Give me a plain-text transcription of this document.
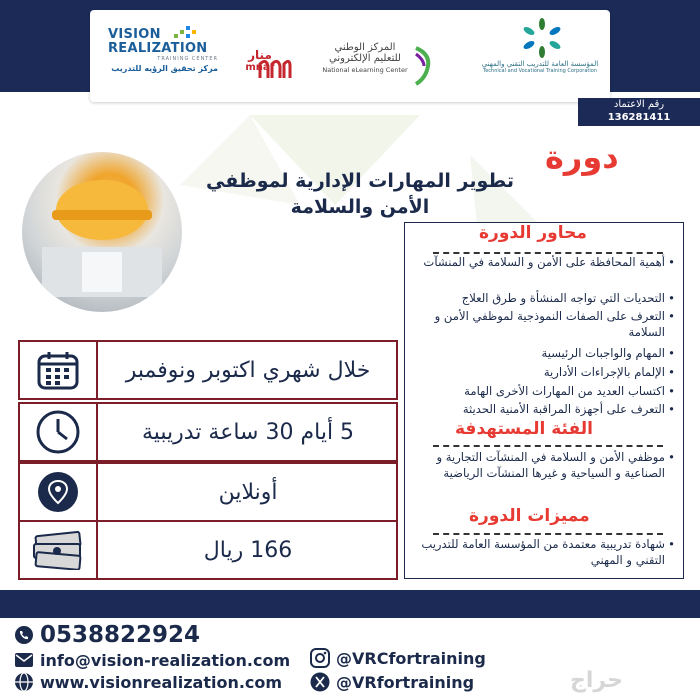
VISION
REALIZATION
TRAINING CENTER
مركز تحقيق الرؤيه للتدريب
منار
mnar
المركز الوطني
للتعليم الإلكتروني
National eLearning Center
المؤسسة العامة للتدريب التقني والمهني
Technical and Vocational Training Corporation
رقم الاعتماد
136281411
دورة
تطوير المهارات الإدارية لموظفي الأمن والسلامة
خلال شهري اكتوبر ونوفمبر
5 أيام 30 ساعة تدريبية
أونلاين
166 ريال
محاور الدورة
• أهمية المحافظة على الأمن و السلامة في المنشآت
• التحديات التي تواجه المنشأة و طرق العلاج
• التعرف على الصفات النموذجية لموظفي الأمن و السلامة
• المهام والواجبات الرئيسية
• الإلمام بالإجراءات الأدارية
• اكتساب العديد من المهارات الأخرى الهامة
• التعرف على أجهزة المراقبة الأمنية الحديثة
الفئة المستهدفة
• موظفي الأمن و السلامة في المنشآت التجارية و الصناعية و السياحية و غيرها المنشآت الرياضية
مميزات الدورة
• شهادة تدريبية معتمدة من المؤسسة العامة للتدريب التقني و المهني
0538822924
info@vision-realization.com
www.visionrealization.com
@VRCfortraining
@VRfortraining	حراج
